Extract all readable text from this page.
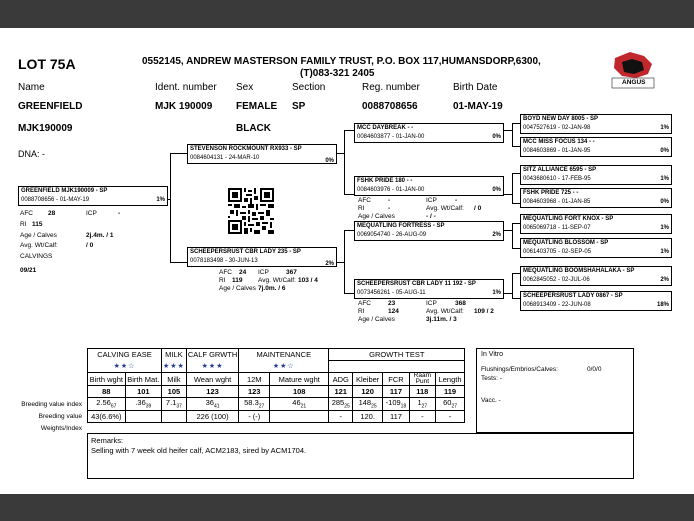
LOT 75A	0552145, ANDREW MASTERSON FAMILY TRUST, P.O. BOX 117,HUMANSDORP,6300,
(T)083-321 2405
ANGUS
Name	Ident. number Sex	Section	Reg. number	Birth Date
GREENFIELD	MJK 190009 FEMALE SP	0088708656	01-MAY-19
MJK190009	BLACK
DNA: -
GREENFIELD MJK190009 - SP
0088708656 - 01-MAY-19	1%
AFC 28	ICP	-
RI 115
Age / Calves	2j.4m. / 1
Avg. Wt/Calf:	/ 0
CALVINGS
09/21
STEVENSON ROCKMOUNT RX933 - SP
0084604131 - 24-MAR-10	0%
SCHEEPERSRUST CBR LADY 235 - SP
0078183498 - 30-JUN-13	2%
AFC 24 ICP	367
RI 119 Avg. Wt/Calf: 103 / 4
Age / Calves 7j.0m. / 6
MCC DAYBREAK - -
0084603877 - 01-JAN-00	0%
FSHK PRIDE 180 - -
0084603976 - 01-JAN-00	0%
AFC	-	ICP	-
RI	-	Avg. Wt/Calf: / 0
Age / Calves	- / -
MEQUATLING FORTRESS - SP
0069054740 - 26-AUG-09	2%
SCHEEPERSRUST CBR LADY 11 192 - SP
0073456261 - 05-AUG-11	1%
AFC	23	ICP	368
RI	124	Avg. Wt/Calf: 109 / 2
Age / Calves	3j.11m. / 3
BOYD NEW DAY 8005 - SP
0047527619 - 02-JAN-98	1%
MCC MISS FOCUS 134 - -
0084603869 - 01-JAN-95	0%
SITZ ALLIANCE 6595 - SP
0043680610 - 17-FEB-95	1%
FSHK PRIDE 725 - -
0084603968 - 01-JAN-85	0%
MEQUATLING FORT KNOX - SP
0065069718 - 11-SEP-07	1%
MEQUATLING BLOSSOM - SP
0061403705 - 02-SEP-05	1%
MEQUATLING BOOMSHAHALAKA - SP
0062845052 - 02-JUL-06	2%
SCHEEPERSRUST LADY 0867 - SP
0068913409 - 22-JUN-08	18%
Breeding value index
Breeding value
Weights/Index
CALVING EASE		MILK	CALF GRWTH	MAINTENANCE		GROWTH TEST				
★★☆		★★★	★★★	★★☆						
Birth wght	Birth Mat.	Milk	Wean wght	12M	Mature wght	ADG	Kleiber	FCR	Raam Punt	Length
88	101	105	123	123	108	121	120	117	118	119
$2.56_{67}$	$.36_{39}$	$7.1_{37}$	$36_{41}$	$58.3_{27}$	$46_{21}$	$285_{25}$	$148_{25}$	$-109_{18}$	$1_{27}$	$60_{27}$
43(6.6%)			226 (100)	- (-)		-	120.	117	-	-
In Vitro
Flushings/Embrios/Calves:	0/0/0
Tests: -
Vacc. -
Remarks:
Selling with 7 week old heifer calf, ACM2183, sired by ACM1704.
